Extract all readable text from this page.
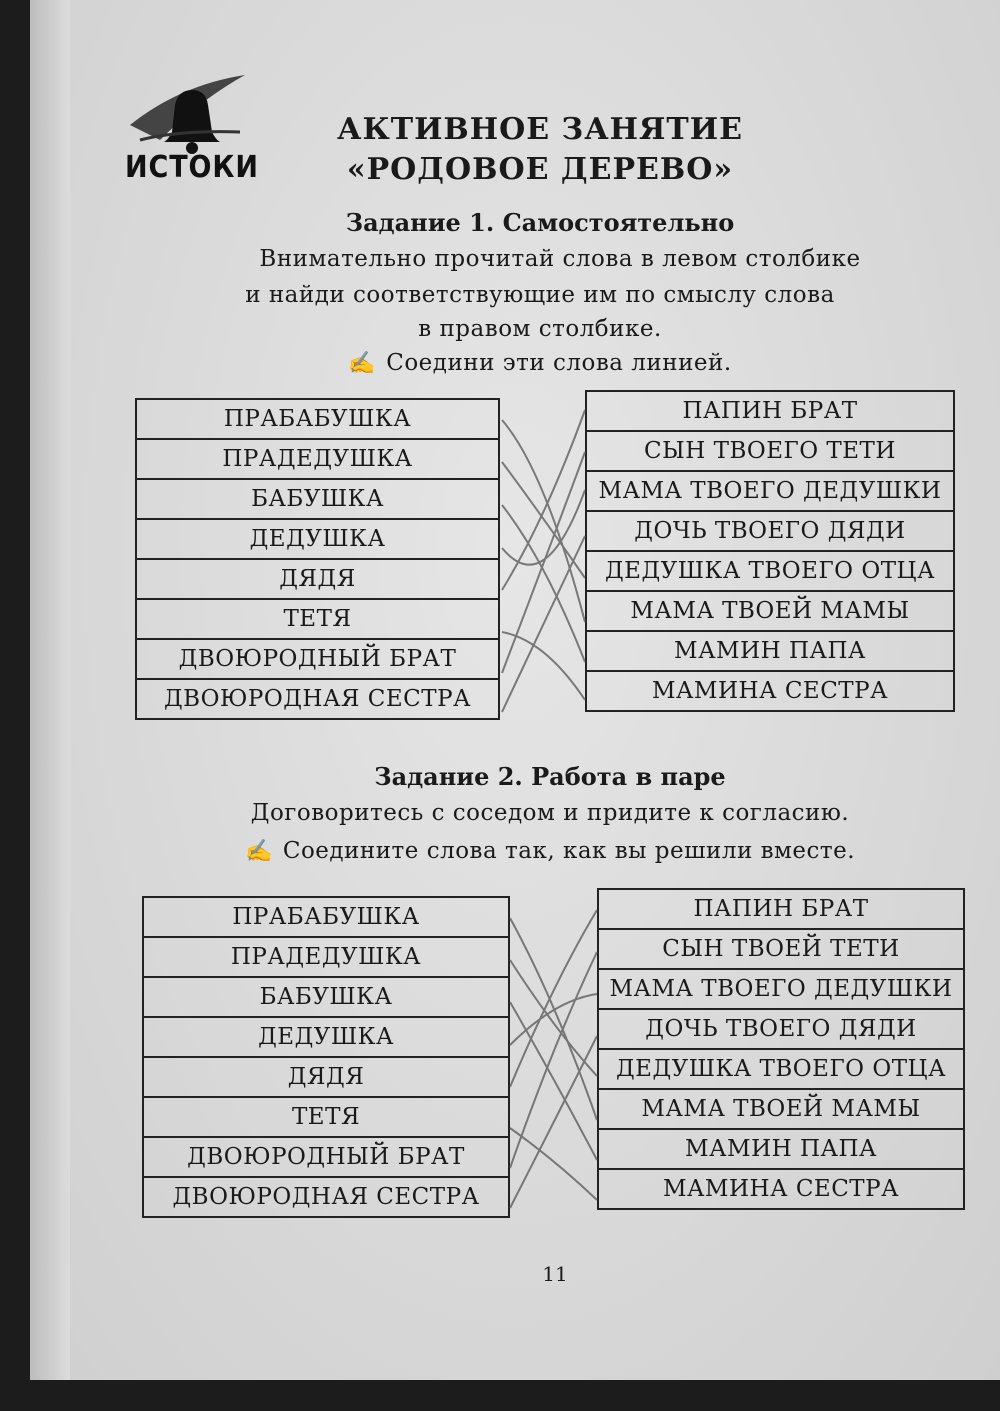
ИСТОКИ
АКТИВНОЕ ЗАНЯТИЕ
«РОДОВОЕ ДЕРЕВО»
Задание 1. Самостоятельно
Внимательно прочитай слова в левом столбике
и найди соответствующие им по смыслу слова
в правом столбике.
✍ Соедини эти слова линией.
ПРАБАБУШКА
ПРАДЕДУШКА
БАБУШКА
ДЕДУШКА
ДЯДЯ
ТЕТЯ
ДВОЮРОДНЫЙ БРАТ
ДВОЮРОДНАЯ СЕСТРА
ПАПИН БРАТ
СЫН ТВОЕГО ТЕТИ
МАМА ТВОЕГО ДЕДУШКИ
ДОЧЬ ТВОЕГО ДЯДИ
ДЕДУШКА ТВОЕГО ОТЦА
МАМА ТВОЕЙ МАМЫ
МАМИН ПАПА
МАМИНА СЕСТРА
Задание 2. Работа в паре
Договоритесь с соседом и придите к согласию.
✍ Соедините слова так, как вы решили вместе.
ПРАБАБУШКА
ПРАДЕДУШКА
БАБУШКА
ДЕДУШКА
ДЯДЯ
ТЕТЯ
ДВОЮРОДНЫЙ БРАТ
ДВОЮРОДНАЯ СЕСТРА
ПАПИН БРАТ
СЫН ТВОЕЙ ТЕТИ
МАМА ТВОЕГО ДЕДУШКИ
ДОЧЬ ТВОЕГО ДЯДИ
ДЕДУШКА ТВОЕГО ОТЦА
МАМА ТВОЕЙ МАМЫ
МАМИН ПАПА
МАМИНА СЕСТРА
11
